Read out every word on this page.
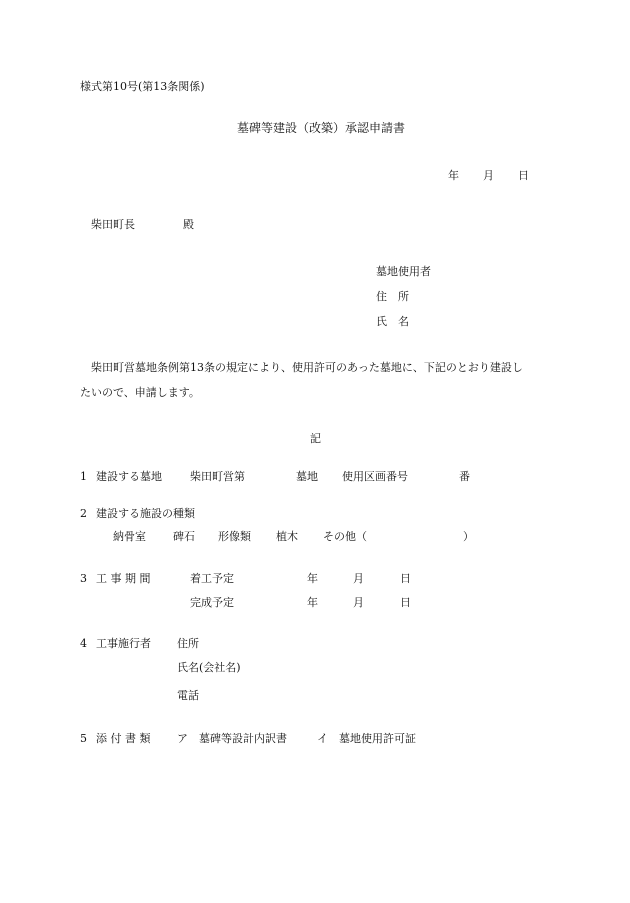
様式第10号(第13条関係)
墓碑等建設（改築）承認申請書
年 月 日
柴田町長	殿
墓地使用者
住　所
氏　名
柴田町営墓地条例第13条の規定により、使用許可のあった墓地に、下記のとおり建設し
たいので、申請します。
記
1 建設する墓地	柴田町営第	墓地 使用区画番号	番
2 建設する施設の種類
納骨室 碑石 形像類 植木 その他（	）
3 工 事 期 間	着工予定	年	月	日
完成予定	年	月	日
4 工事施行者 住所
氏名(会社名)
電話
5 添 付 書 類 ア　墓碑等設計内訳書	イ　墓地使用許可証
